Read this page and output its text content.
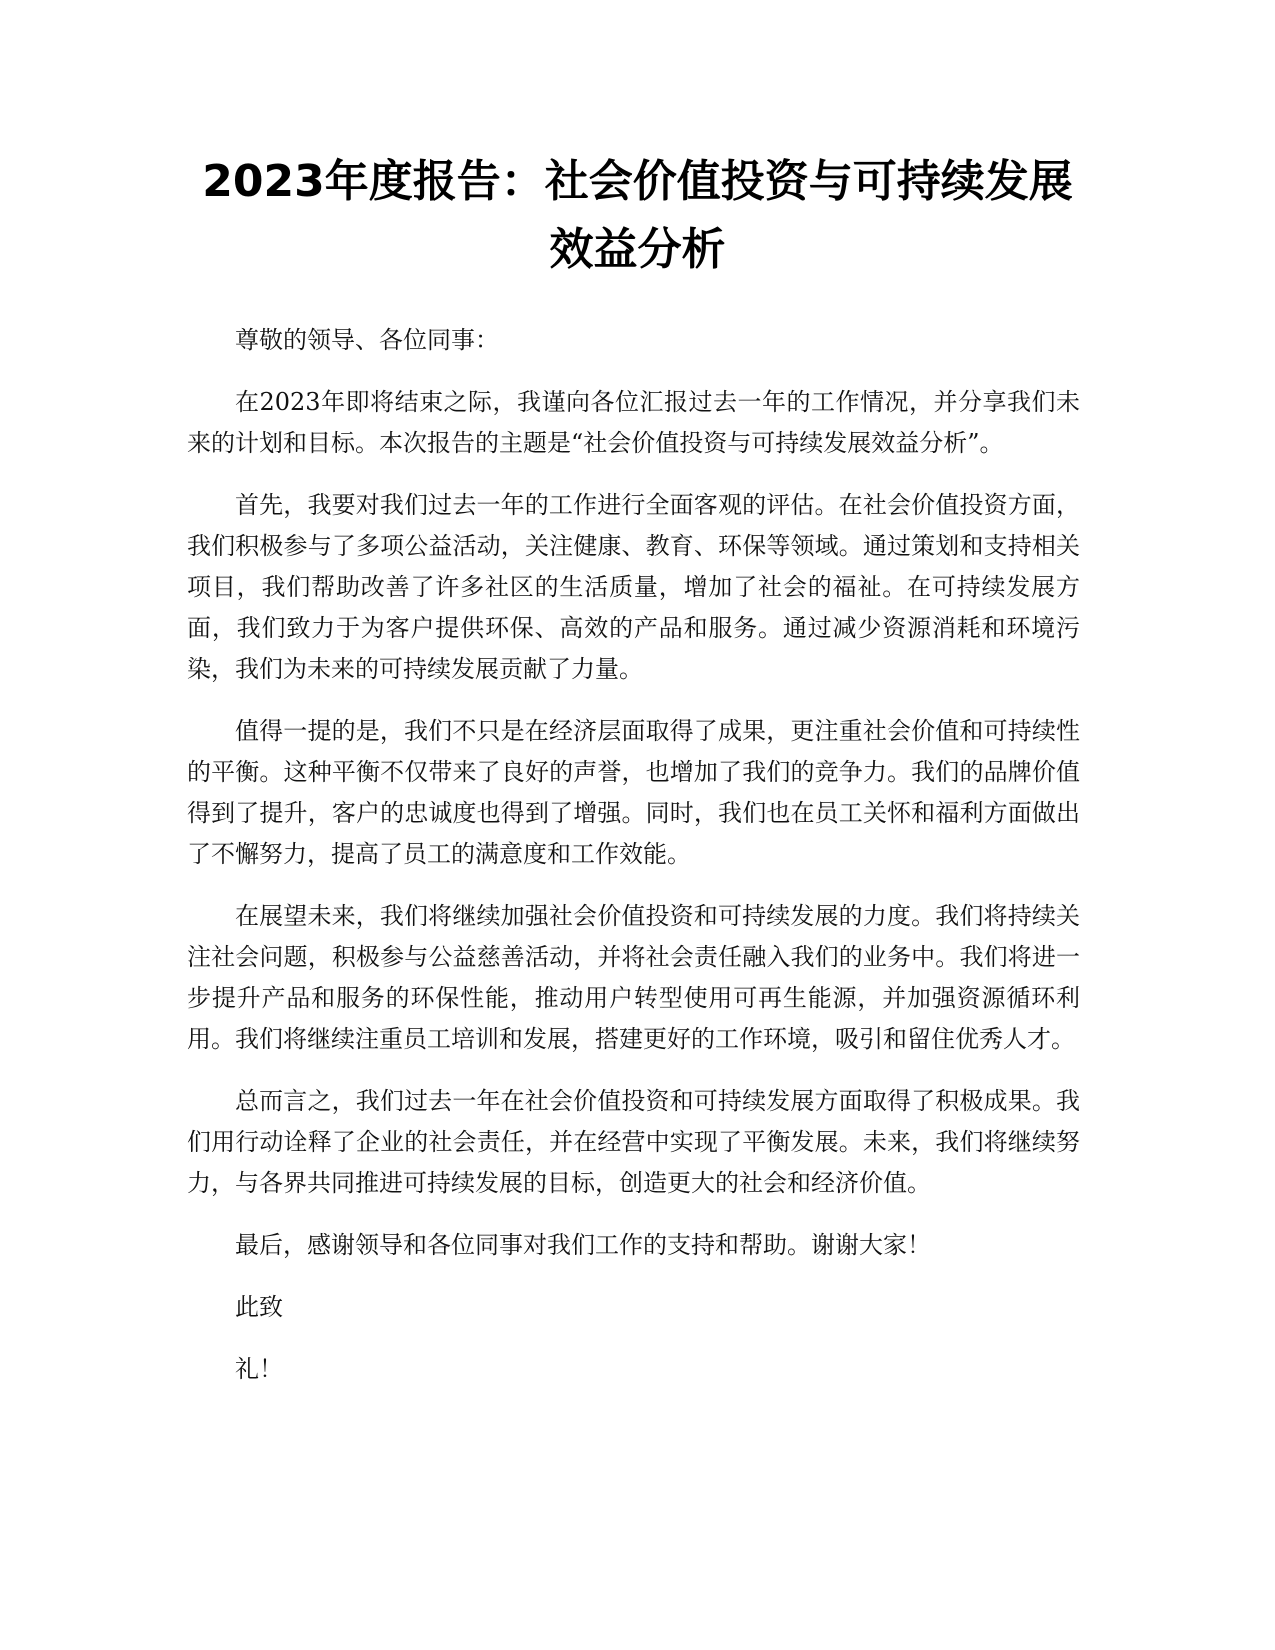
2023年度报告：社会价值投资与可持续发展
效益分析

尊敬的领导、各位同事：

在2023年即将结束之际，我谨向各位汇报过去一年的工作情况，并分享我们未来的计划和目标。本次报告的主题是“社会价值投资与可持续发展效益分析”。

首先，我要对我们过去一年的工作进行全面客观的评估。在社会价值投资方面，我们积极参与了多项公益活动，关注健康、教育、环保等领域。通过策划和支持相关项目，我们帮助改善了许多社区的生活质量，增加了社会的福祉。在可持续发展方面，我们致力于为客户提供环保、高效的产品和服务。通过减少资源消耗和环境污染，我们为未来的可持续发展贡献了力量。

值得一提的是，我们不只是在经济层面取得了成果，更注重社会价值和可持续性的平衡。这种平衡不仅带来了良好的声誉，也增加了我们的竞争力。我们的品牌价值得到了提升，客户的忠诚度也得到了增强。同时，我们也在员工关怀和福利方面做出了不懈努力，提高了员工的满意度和工作效能。

在展望未来，我们将继续加强社会价值投资和可持续发展的力度。我们将持续关注社会问题，积极参与公益慈善活动，并将社会责任融入我们的业务中。我们将进一步提升产品和服务的环保性能，推动用户转型使用可再生能源，并加强资源循环利用。我们将继续注重员工培训和发展，搭建更好的工作环境，吸引和留住优秀人才。

总而言之，我们过去一年在社会价值投资和可持续发展方面取得了积极成果。我们用行动诠释了企业的社会责任，并在经营中实现了平衡发展。未来，我们将继续努力，与各界共同推进可持续发展的目标，创造更大的社会和经济价值。

最后，感谢领导和各位同事对我们工作的支持和帮助。谢谢大家！

此致

礼！
